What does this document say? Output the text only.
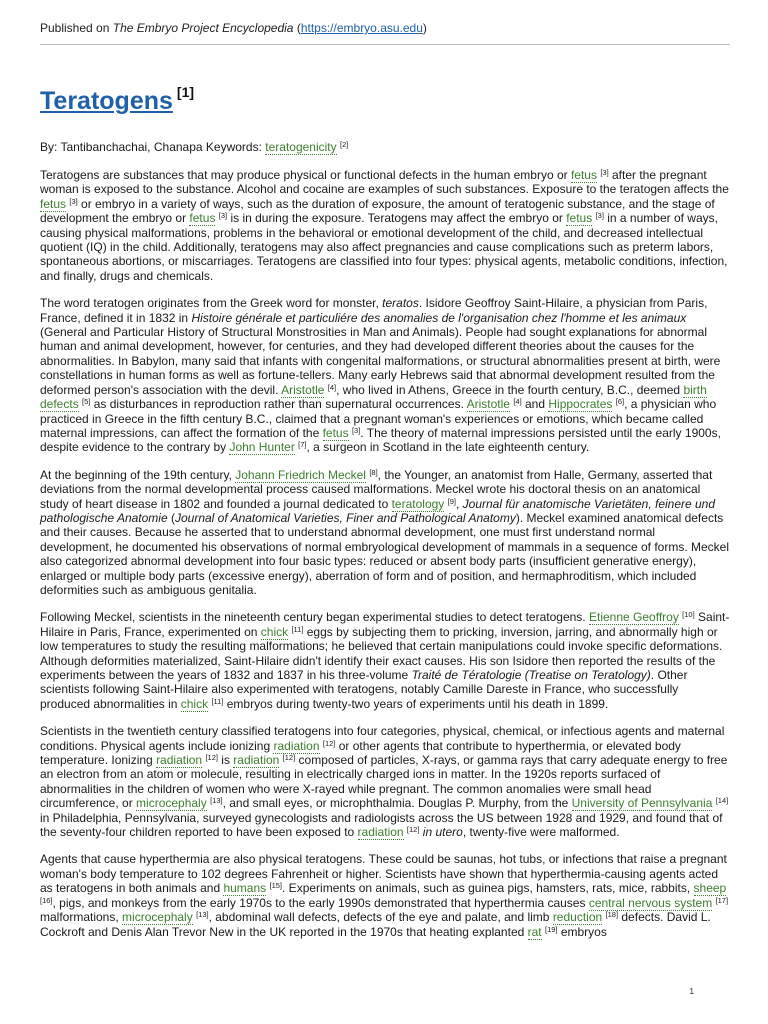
Published on The Embryo Project Encyclopedia (https://embryo.asu.edu)
Teratogens [1]
By: Tantibanchachai, Chanapa Keywords: teratogenicity [2]

Teratogens are substances that may produce physical or functional defects in the human embryo or fetus [3] after the pregnant woman is exposed to the substance. Alcohol and cocaine are examples of such substances. Exposure to the teratogen affects the fetus [3] or embryo in a variety of ways, such as the duration of exposure, the amount of teratogenic substance, and the stage of development the embryo or fetus [3] is in during the exposure. Teratogens may affect the embryo or fetus [3] in a number of ways, causing physical malformations, problems in the behavioral or emotional development of the child, and decreased intellectual quotient (IQ) in the child. Additionally, teratogens may also affect pregnancies and cause complications such as preterm labors, spontaneous abortions, or miscarriages. Teratogens are classified into four types: physical agents, metabolic conditions, infection, and finally, drugs and chemicals.

The word teratogen originates from the Greek word for monster, teratos. Isidore Geoffroy Saint-Hilaire, a physician from Paris, France, defined it in 1832 in Histoire générale et particuliére des anomalies de l'organisation chez l'homme et les animaux (General and Particular History of Structural Monstrosities in Man and Animals). People had sought explanations for abnormal human and animal development, however, for centuries, and they had developed different theories about the causes for the abnormalities. In Babylon, many said that infants with congenital malformations, or structural abnormalities present at birth, were constellations in human forms as well as fortune-tellers. Many early Hebrews said that abnormal development resulted from the deformed person's association with the devil. Aristotle [4], who lived in Athens, Greece in the fourth century, B.C., deemed birth defects [5] as disturbances in reproduction rather than supernatural occurrences. Aristotle [4] and Hippocrates [6], a physician who practiced in Greece in the fifth century B.C., claimed that a pregnant woman's experiences or emotions, which became called maternal impressions, can affect the formation of the fetus [3]. The theory of maternal impressions persisted until the early 1900s, despite evidence to the contrary by John Hunter [7], a surgeon in Scotland in the late eighteenth century.

At the beginning of the 19th century, Johann Friedrich Meckel [8], the Younger, an anatomist from Halle, Germany, asserted that deviations from the normal developmental process caused malformations. Meckel wrote his doctoral thesis on an anatomical study of heart disease in 1802 and founded a journal dedicated to teratology [9], Journal für anatomische Varietäten, feinere und pathologische Anatomie (Journal of Anatomical Varieties, Finer and Pathological Anatomy). Meckel examined anatomical defects and their causes. Because he asserted that to understand abnormal development, one must first understand normal development, he documented his observations of normal embryological development of mammals in a sequence of forms. Meckel also categorized abnormal development into four basic types: reduced or absent body parts (insufficient generative energy), enlarged or multiple body parts (excessive energy), aberration of form and of position, and hermaphroditism, which included deformities such as ambiguous genitalia.

Following Meckel, scientists in the nineteenth century began experimental studies to detect teratogens. Etienne Geoffroy [10] Saint-Hilaire in Paris, France, experimented on chick [11] eggs by subjecting them to pricking, inversion, jarring, and abnormally high or low temperatures to study the resulting malformations; he believed that certain manipulations could invoke specific deformations. Although deformities materialized, Saint-Hilaire didn't identify their exact causes. His son Isidore then reported the results of the experiments between the years of 1832 and 1837 in his three-volume Traité de Tératologie (Treatise on Teratology). Other scientists following Saint-Hilaire also experimented with teratogens, notably Camille Dareste in France, who successfully produced abnormalities in chick [11] embryos during twenty-two years of experiments until his death in 1899.

Scientists in the twentieth century classified teratogens into four categories, physical, chemical, or infectious agents and maternal conditions. Physical agents include ionizing radiation [12] or other agents that contribute to hyperthermia, or elevated body temperature. Ionizing radiation [12] is radiation [12] composed of particles, X-rays, or gamma rays that carry adequate energy to free an electron from an atom or molecule, resulting in electrically charged ions in matter. In the 1920s reports surfaced of abnormalities in the children of women who were X-rayed while pregnant. The common anomalies were small head circumference, or microcephaly [13], and small eyes, or microphthalmia. Douglas P. Murphy, from the University of Pennsylvania [14] in Philadelphia, Pennsylvania, surveyed gynecologists and radiologists across the US between 1928 and 1929, and found that of the seventy-four children reported to have been exposed to radiation [12] in utero, twenty-five were malformed.

Agents that cause hyperthermia are also physical teratogens. These could be saunas, hot tubs, or infections that raise a pregnant woman's body temperature to 102 degrees Fahrenheit or higher. Scientists have shown that hyperthermia-causing agents acted as teratogens in both animals and humans [15]. Experiments on animals, such as guinea pigs, hamsters, rats, mice, rabbits, sheep [16], pigs, and monkeys from the early 1970s to the early 1990s demonstrated that hyperthermia causes central nervous system [17] malformations, microcephaly [13], abdominal wall defects, defects of the eye and palate, and limb reduction [18] defects. David L. Cockroft and Denis Alan Trevor New in the UK reported in the 1970s that heating explanted rat [19] embryos

1
